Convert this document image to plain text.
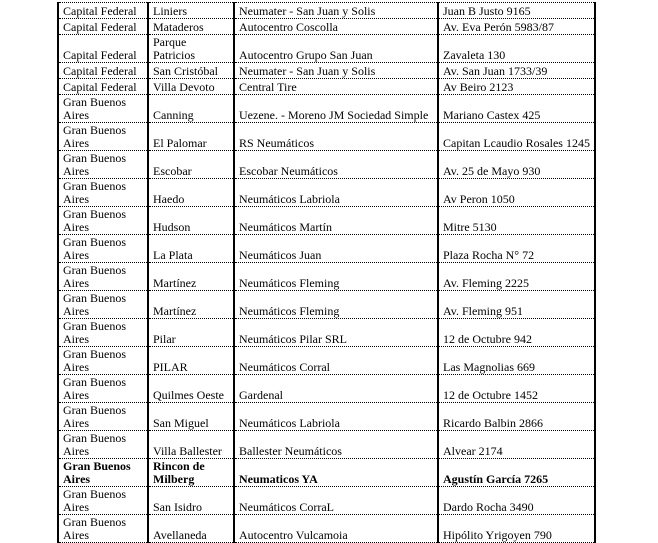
Capital Federal	Liniers	Neumater - San Juan y Solis	Juan B Justo 9165
Capital Federal	Mataderos	Autocentro Coscolla	Av. Eva Perón 5983/87
Capital Federal	Parque Patricios	Autocentro Grupo San Juan	Zavaleta 130
Capital Federal	San Cristóbal	Neumater - San Juan y Solis	Av. San Juan 1733/39
Capital Federal	Villa Devoto	Central Tire	Av Beiro 2123
Gran Buenos Aires	Canning	Uezene. - Moreno JM Sociedad Simple	Mariano Castex 425
Gran Buenos Aires	El Palomar	RS Neumáticos	Capitan Lcaudio Rosales 1245
Gran Buenos Aires	Escobar	Escobar Neumáticos	Av. 25 de Mayo 930
Gran Buenos Aires	Haedo	Neumáticos Labriola	Av Peron 1050
Gran Buenos Aires	Hudson	Neumáticos Martín	Mitre 5130
Gran Buenos Aires	La Plata	Neumáticos Juan	Plaza Rocha N° 72
Gran Buenos Aires	Martínez	Neumáticos Fleming	Av. Fleming 2225
Gran Buenos Aires	Martínez	Neumáticos Fleming	Av. Fleming 951
Gran Buenos Aires	Pilar	Neumáticos Pilar SRL	12 de Octubre 942
Gran Buenos Aires	PILAR	Neumáticos Corral	Las Magnolias 669
Gran Buenos Aires	Quilmes Oeste	Gardenal	12 de Octubre 1452
Gran Buenos Aires	San Miguel	Neumáticos Labriola	Ricardo Balbin 2866
Gran Buenos Aires	Villa Ballester	Ballester Neumáticos	Alvear 2174
Gran Buenos Aires	Rincon de Milberg	Neumaticos YA	Agustín García 7265
Gran Buenos Aires	San Isidro	Neumáticos CorraL	Dardo Rocha 3490
Gran Buenos Aires	Avellaneda	Autocentro Vulcamoia	Hipólito Yrigoyen 790
